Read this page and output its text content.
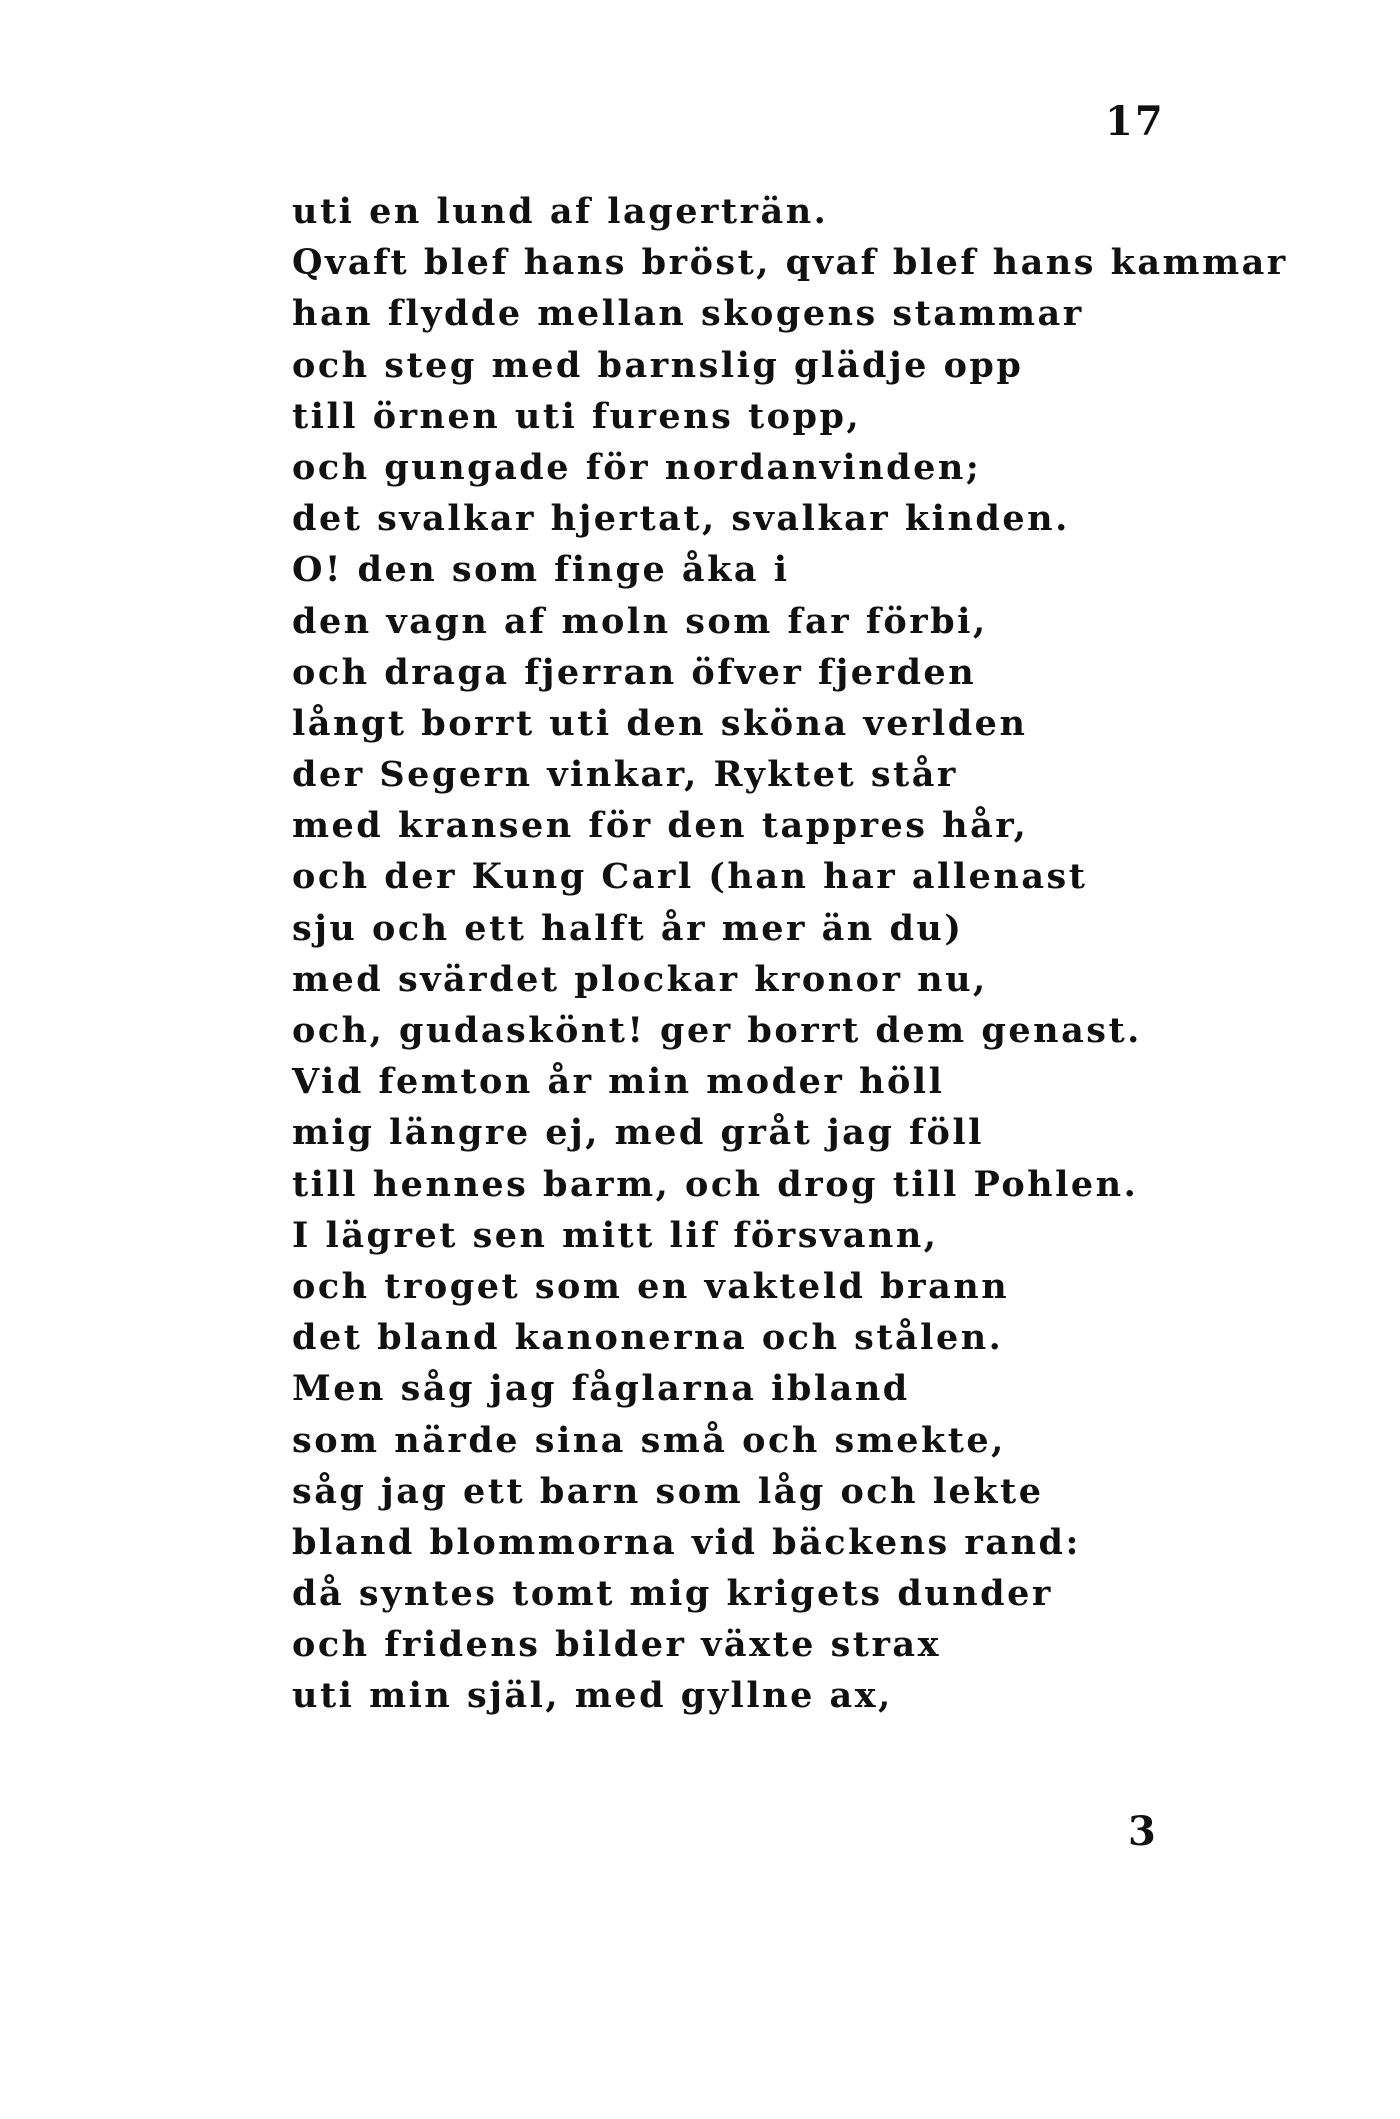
17
uti en lund af lagerträn.
Qvaft blef hans bröst, qvaf blef hans kammar
han flydde mellan skogens stammar
och steg med barnslig glädje opp
till örnen uti furens topp,
och gungade för nordanvinden;
det svalkar hjertat, svalkar kinden.
O! den som finge åka i
den vagn af moln som far förbi,
och draga fjerran öfver fjerden
långt borrt uti den sköna verlden
der Segern vinkar, Ryktet står
med kransen för den tappres hår,
och der Kung Carl (han har allenast
sju och ett halft år mer än du)
med svärdet plockar kronor nu,
och, gudaskönt! ger borrt dem genast.
Vid femton år min moder höll
mig längre ej, med gråt jag föll
till hennes barm, och drog till Pohlen.
I lägret sen mitt lif försvann,
och troget som en vakteld brann
det bland kanonerna och stålen.
Men såg jag fåglarna ibland
som närde sina små och smekte,
såg jag ett barn som låg och lekte
bland blommorna vid bäckens rand:
då syntes tomt mig krigets dunder
och fridens bilder växte strax
uti min själ, med gyllne ax,
3
